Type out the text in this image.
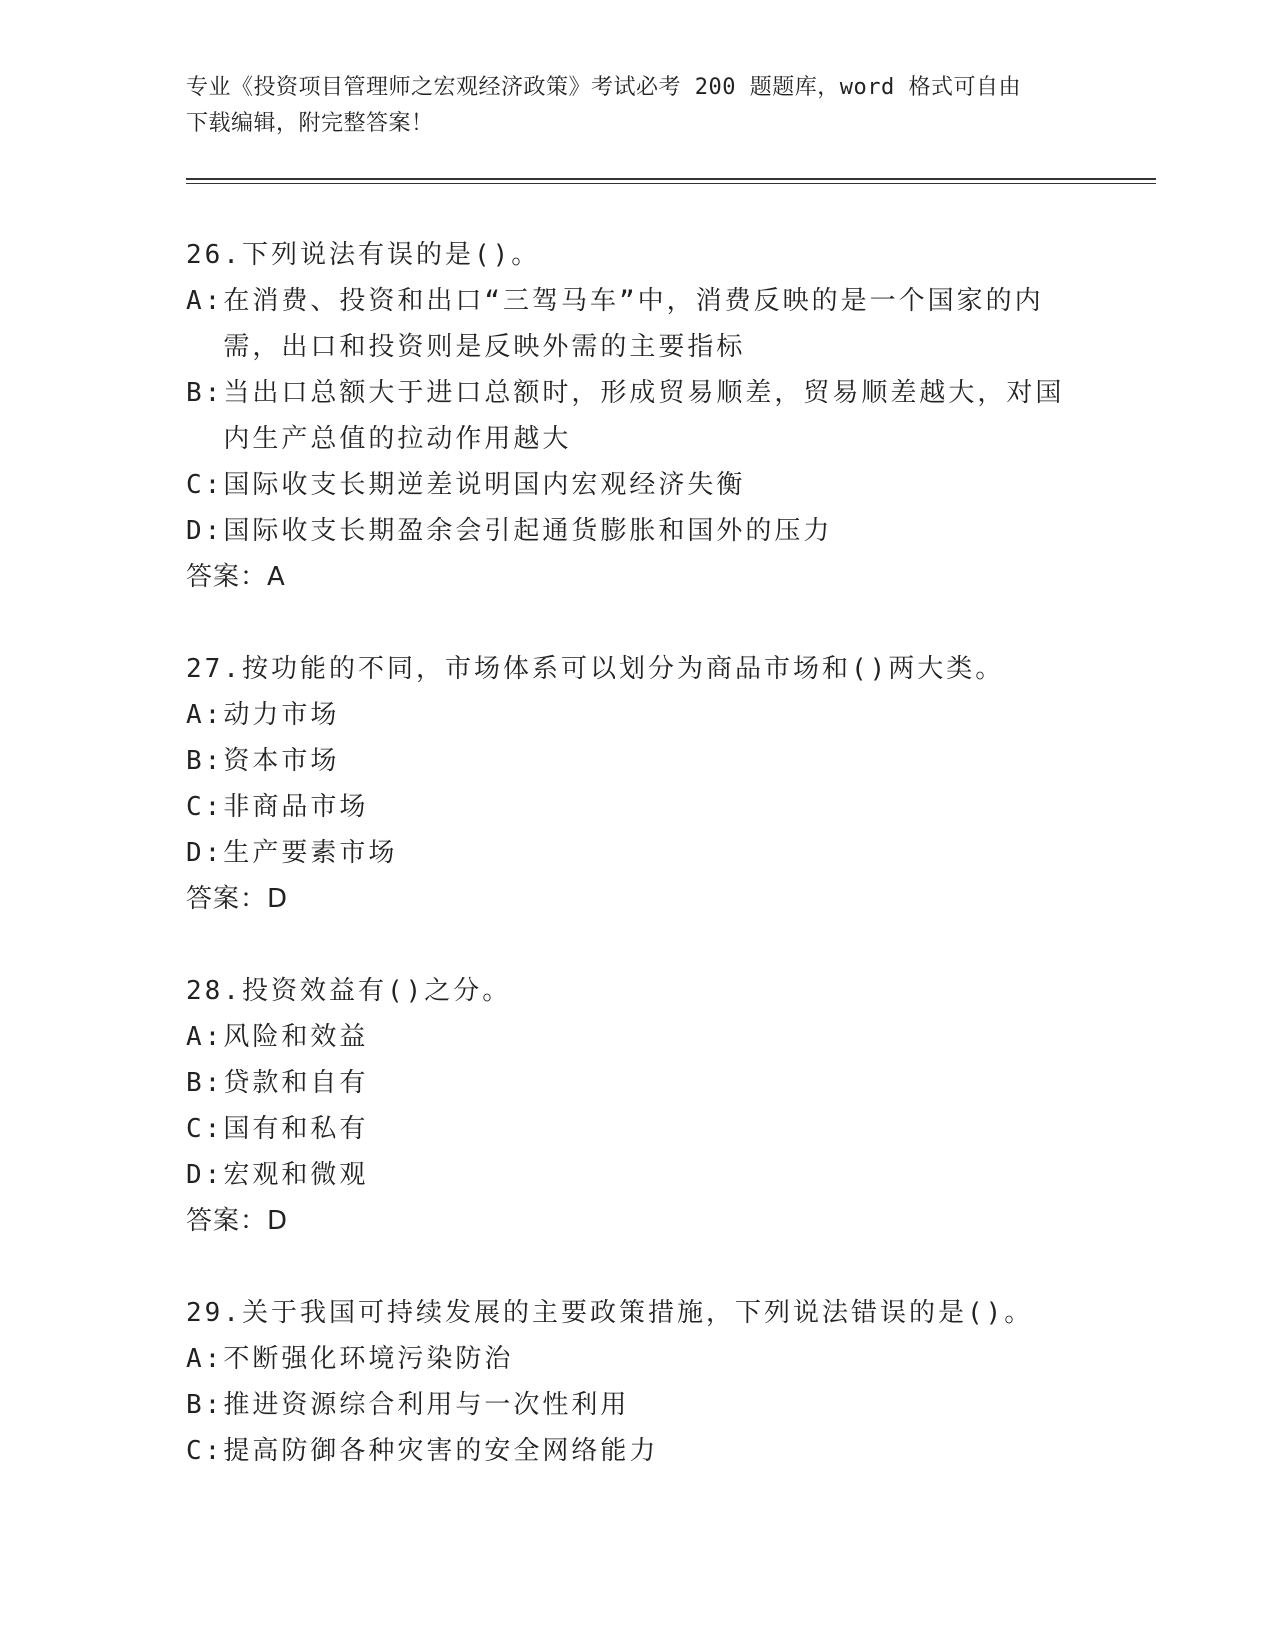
专业《投资项目管理师之宏观经济政策》考试必考 200 题题库，word 格式可自由
下载编辑，附完整答案！
26.下列说法有误的是()。
A: 在消费、投资和出口“三驾马车”中，消费反映的是一个国家的内需，出口和投资则是反映外需的主要指标
B: 当出口总额大于进口总额时，形成贸易顺差，贸易顺差越大，对国内生产总值的拉动作用越大
C: 国际收支长期逆差说明国内宏观经济失衡
D: 国际收支长期盈余会引起通货膨胀和国外的压力
答案：A
27.按功能的不同，市场体系可以划分为商品市场和()两大类。
A: 动力市场
B: 资本市场
C: 非商品市场
D: 生产要素市场
答案：D
28.投资效益有()之分。
A: 风险和效益
B: 贷款和自有
C: 国有和私有
D: 宏观和微观
答案：D
29.关于我国可持续发展的主要政策措施，下列说法错误的是()。
A: 不断强化环境污染防治
B: 推进资源综合利用与一次性利用
C: 提高防御各种灾害的安全网络能力
